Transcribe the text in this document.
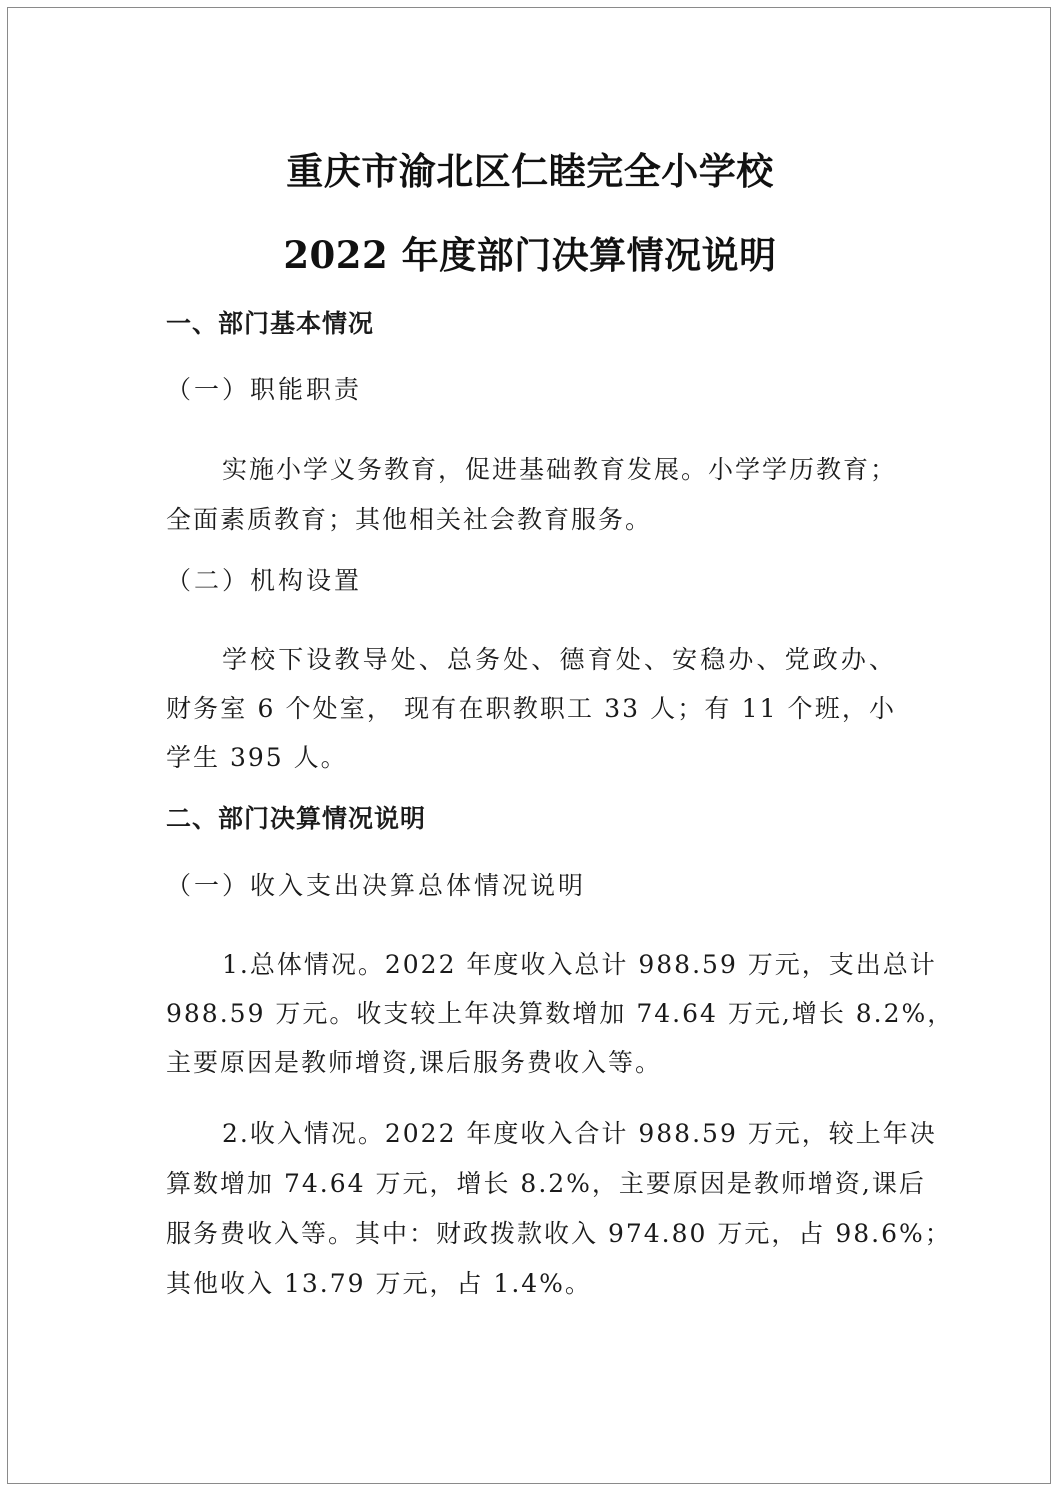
重庆市渝北区仁睦完全小学校
2022 年度部门决算情况说明
一、部门基本情况
（一）职能职责
实施小学义务教育，促进基础教育发展。小学学历教育；
全面素质教育；其他相关社会教育服务。
（二）机构设置
学校下设教导处、总务处、德育处、安稳办、党政办、
财务室 6 个处室， 现有在职教职工 33 人；有 11 个班，小
学生 395 人。
二、部门决算情况说明
（一）收入支出决算总体情况说明
1.总体情况。2022 年度收入总计 988.59 万元，支出总计
988.59 万元。收支较上年决算数增加 74.64 万元,增长 8.2%，
主要原因是教师增资,课后服务费收入等。
2.收入情况。2022 年度收入合计 988.59 万元，较上年决
算数增加 74.64 万元，增长 8.2%，主要原因是教师增资,课后
服务费收入等。其中：财政拨款收入 974.80 万元，占 98.6%；
其他收入 13.79 万元，占 1.4%。
